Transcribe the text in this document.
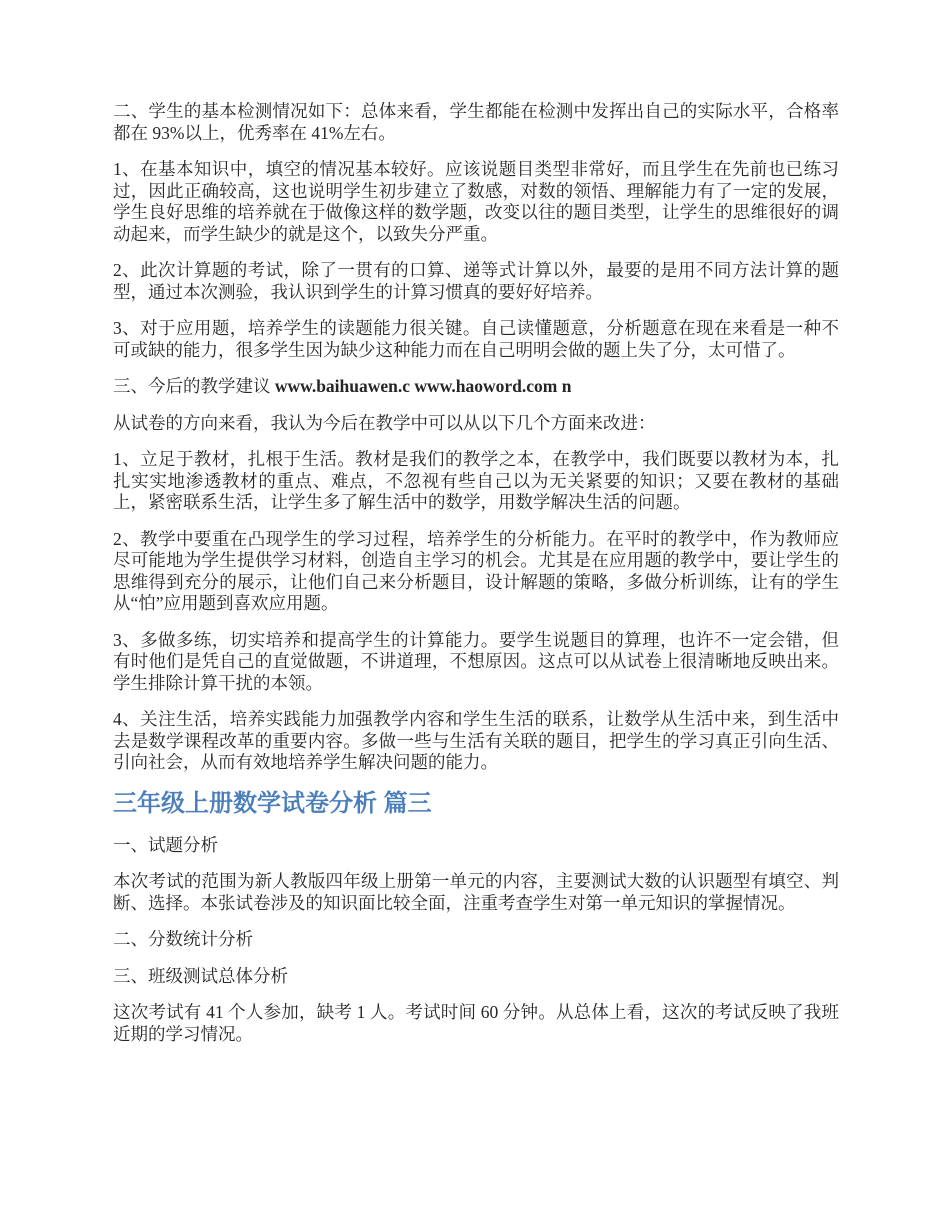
二、学生的基本检测情况如下：总体来看，学生都能在检测中发挥出自己的实际水平，合格率都在 93%以上，优秀率在 41%左右。

1、在基本知识中，填空的情况基本较好。应该说题目类型非常好，而且学生在先前也已练习过，因此正确较高，这也说明学生初步建立了数感，对数的领悟、理解能力有了一定的发展，学生良好思维的培养就在于做像这样的数学题，改变以往的题目类型，让学生的思维很好的调动起来，而学生缺少的就是这个，以致失分严重。

2、此次计算题的考试，除了一贯有的口算、递等式计算以外，最要的是用不同方法计算的题型，通过本次测验，我认识到学生的计算习惯真的要好好培养。

3、对于应用题，培养学生的读题能力很关键。自己读懂题意，分析题意在现在来看是一种不可或缺的能力，很多学生因为缺少这种能力而在自己明明会做的题上失了分，太可惜了。

三、今后的教学建议 www.baihuawen.c www.haoword.com n

从试卷的方向来看，我认为今后在教学中可以从以下几个方面来改进：

1、立足于教材，扎根于生活。教材是我们的教学之本，在教学中，我们既要以教材为本，扎扎实实地渗透教材的重点、难点，不忽视有些自己以为无关紧要的知识；又要在教材的基础上，紧密联系生活，让学生多了解生活中的数学，用数学解决生活的问题。

2、教学中要重在凸现学生的学习过程，培养学生的分析能力。在平时的教学中，作为教师应尽可能地为学生提供学习材料，创造自主学习的机会。尤其是在应用题的教学中，要让学生的思维得到充分的展示，让他们自己来分析题目，设计解题的策略，多做分析训练，让有的学生从“怕”应用题到喜欢应用题。

3、多做多练，切实培养和提高学生的计算能力。要学生说题目的算理，也许不一定会错，但有时他们是凭自己的直觉做题，不讲道理，不想原因。这点可以从试卷上很清晰地反映出来。学生排除计算干扰的本领。

4、关注生活，培养实践能力加强教学内容和学生生活的联系，让数学从生活中来，到生活中去是数学课程改革的重要内容。多做一些与生活有关联的题目，把学生的学习真正引向生活、引向社会，从而有效地培养学生解决问题的能力。

三年级上册数学试卷分析 篇三

一、试题分析

本次考试的范围为新人教版四年级上册第一单元的内容，主要测试大数的认识题型有填空、判断、选择。本张试卷涉及的知识面比较全面，注重考查学生对第一单元知识的掌握情况。

二、分数统计分析

三、班级测试总体分析

这次考试有 41 个人参加，缺考 1 人。考试时间 60 分钟。从总体上看，这次的考试反映了我班近期的学习情况。
